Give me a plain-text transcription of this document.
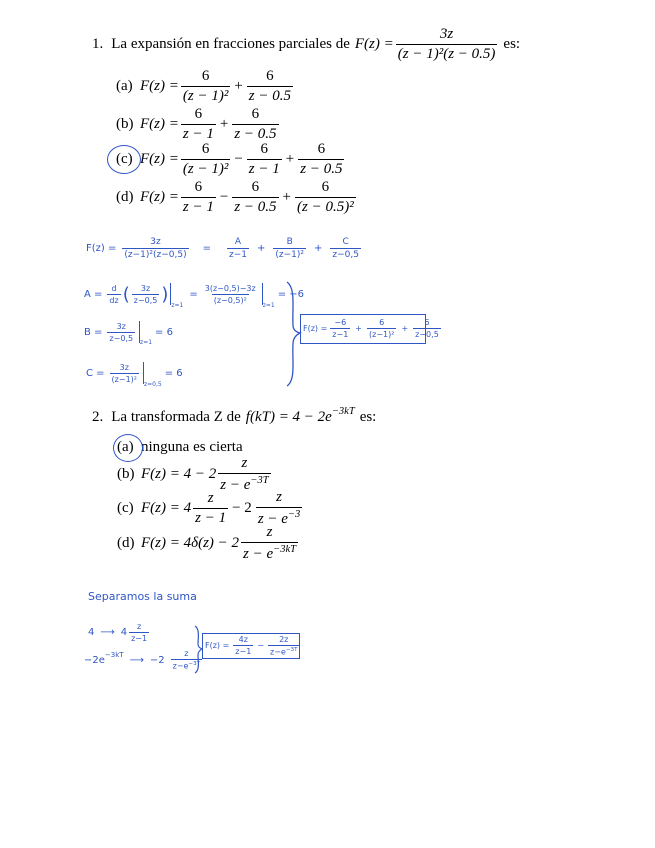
1. La expansión en fracciones parciales de $F(z) = \frac{3z}{\text{(z − 1)²(z − 0.5)}}$ es:
(a) $F(z) = \frac{6}{\text{(z − 1)²}} + \frac{6}{z - 0.5}$
(b) $F(z) = \frac{6}{z - 1} + \frac{6}{z - 0.5}$
(c) $F(z) = \frac{6}{\text{(z − 1)²}} - \frac{6}{z - 1} + \frac{6}{z - 0.5}$
(d) $F(z) = \frac{6}{z - 1} - \frac{6}{z - 0.5} + \frac{6}{\text{(z − 0.5)²}}$
$F(z) = \frac{3z}{\text{(z−1)²(z−0,5)}} = \frac{A}{z-1} + \frac{B}{\text{(z−1)²}} + \frac{C}{z-0,5}$
$A = \frac{d}{dz}$ ( $\frac{3z}{z-0,5}$ )
z=1
= $\frac{3(z-0,5)-3z}{\text{(z−0,5)²}}$
z=1
= −6
$B = \frac{3z}{z-0,5} z=1$
= 6
$C = \frac{3z}{\text{(z−1)²}}$
z=0,5
= 6
$F(z) = \frac{-6}{z-1} + \frac{6}{\text{(z−1)²}} + \frac{6}{z-0,5}$
2. La transformada Z de $f(kT) = 4 - 2e^{-3kT}$ es:
(a) ninguna es cierta
(b) $F(z) = 4 - 2 \frac{z}{z - e^{-3T}}$
(c) $F(z) = 4 \frac{z}{z - 1} - 2 \frac{z}{z - e^{-3}}$
(d) $F(z) = 4\delta(z) - 2 \frac{z}{z - e^{-3kT}}$
Separamos la suma
4 ⟶ $4 \frac{z}{z-1}$
$-2e^{-3kT}$ ⟶ $-2 \frac{z}{z-e^{-3T}}$
$F(z) = \frac{4z}{z-1} - \frac{2z}{z-e^{-3T}}$
